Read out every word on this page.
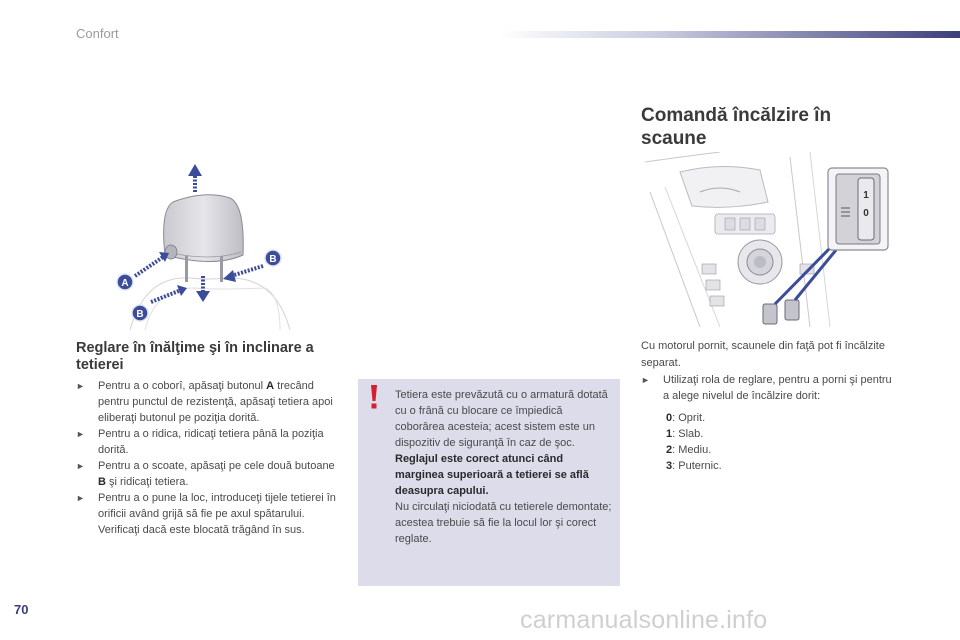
Confort
A
B
B
Reglare în înălţime şi în inclinare a tetierei
► Pentru a o coborî, apăsaţi butonul A trecând pentru punctul de rezistenţă, apăsaţi tetiera apoi eliberaţi butonul pe poziţia dorită.
► Pentru a o ridica, ridicaţi tetiera până la poziţia dorită.
► Pentru a o scoate, apăsaţi pe cele două butoane B şi ridicaţi tetiera.
► Pentru a o pune la loc, introduceţi tijele tetierei în orificii având grijă să fie pe axul spătarului. Verificaţi dacă este blocată trăgând în sus.

Tetiera este prevăzută cu o armatură dotată cu o frână cu blocare ce împiedică coborârea acesteia; acest sistem este un dispozitiv de siguranţă în caz de şoc.

Reglajul este corect atunci când marginea superioară a tetierei se află deasupra capului.

Nu circulaţi niciodată cu tetierele demontate; acestea trebuie să fie la locul lor şi corect reglate.

Comandă încălzire în scaune
1
0
Cu motorul pornit, scaunele din faţă pot fi încălzite separat.
► Utilizaţi rola de reglare, pentru a porni şi pentru a alege nivelul de încălzire dorit:
0: Oprit.
1: Slab.
2: Mediu.
3: Puternic.
70	carmanualsonline.info
